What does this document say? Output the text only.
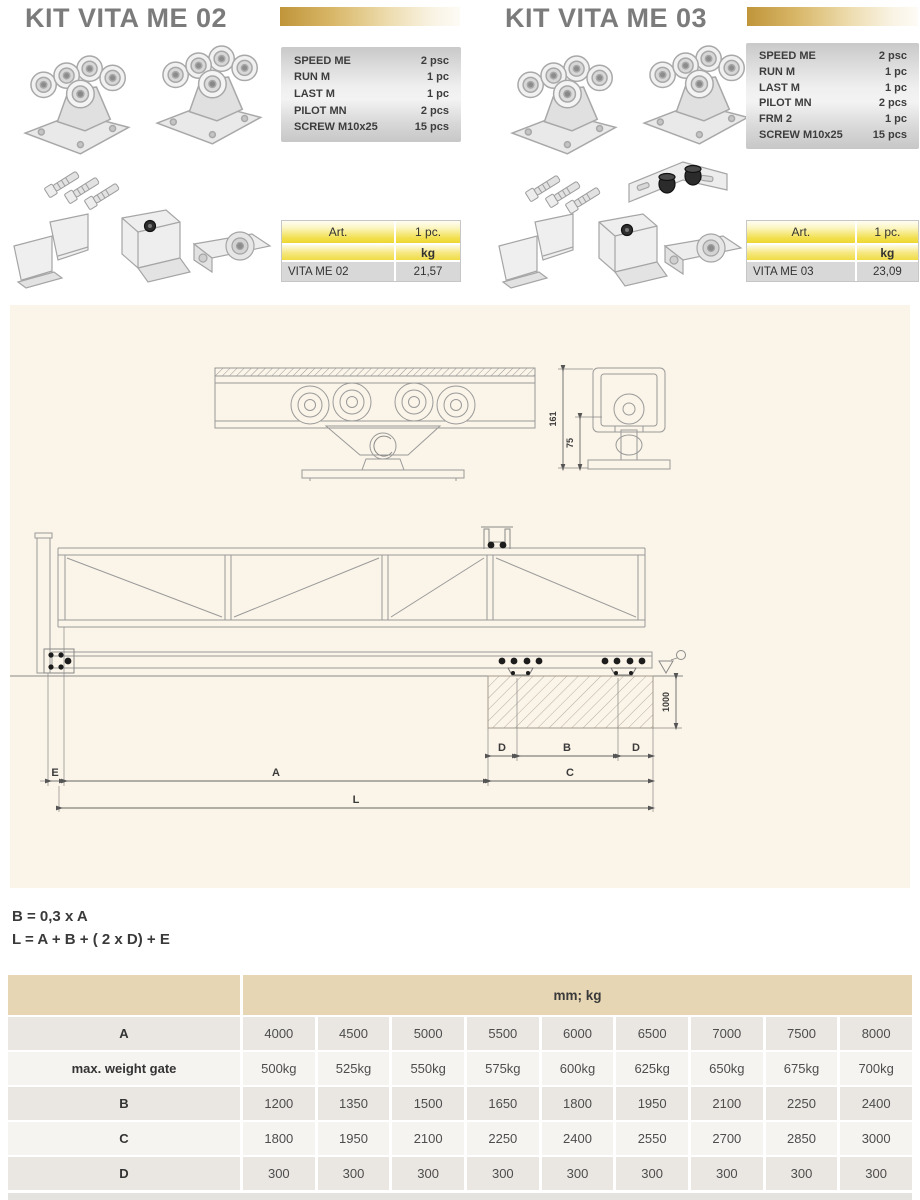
KIT VITA ME 02
SPEED ME	2 psc
RUN M	1 pc
LAST M	1 pc
PILOT MN	2 pcs
SCREW M10x25	15 pcs
Art.	1 pc.
kg
VITA ME 02	21,57
KIT VITA ME 03
SPEED ME	2 psc
RUN M	1 pc
LAST M	1 pc
PILOT MN	2 pcs
FRM 2	1 pc
SCREW M10x25	15 pcs
Art.	1 pc.
kg
VITA ME 03	23,09
161
75
1000
D	B	D
E	A	C
L
B = 0,3 x A
L = A + B + ( 2 x D) + E
mm; kg
A	4000	4500	5000	5500	6000	6500	7000	7500	8000
max. weight gate	500kg	525kg	550kg	575kg	600kg	625kg	650kg	675kg	700kg
B	1200	1350	1500	1650	1800	1950	2100	2250	2400
C	1800	1950	2100	2250	2400	2550	2700	2850	3000
D	300	300	300	300	300	300	300	300	300
